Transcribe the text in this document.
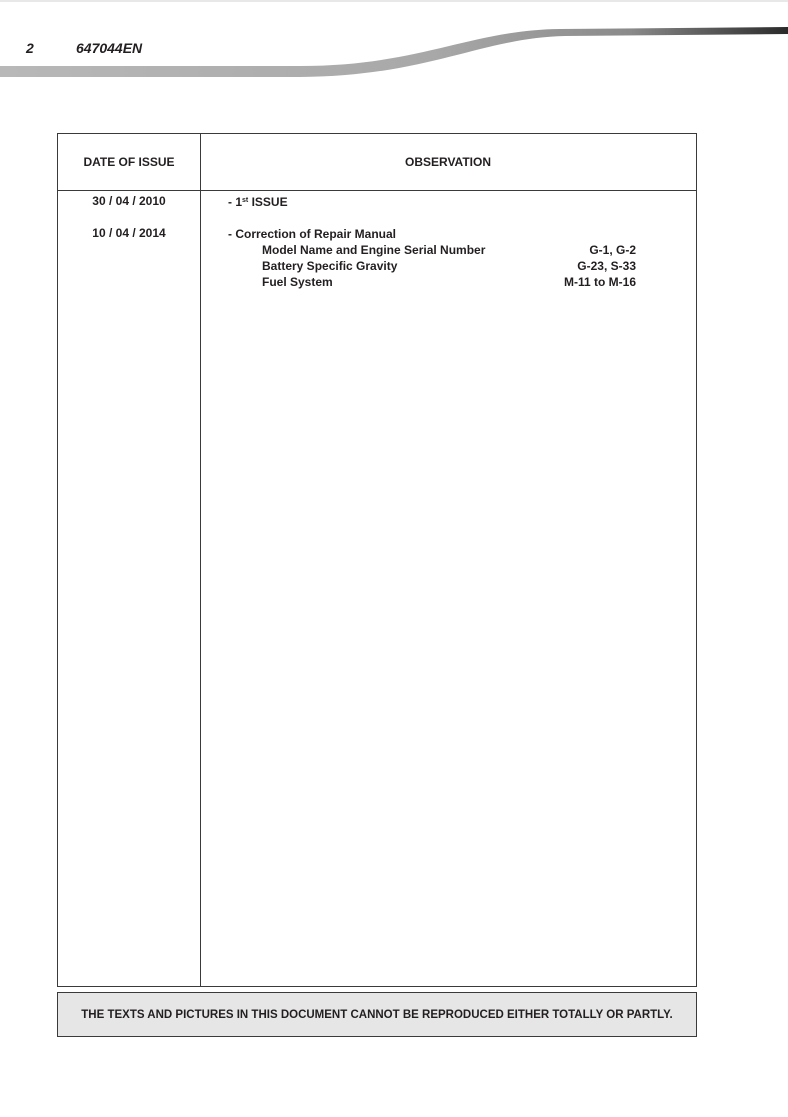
2	647044EN
DATE OF ISSUE	OBSERVATION
30 / 04 / 2010	- 1st ISSUE
10 / 04 / 2014	- Correction of Repair Manual
Model Name and Engine Serial Number	G-1, G-2
Battery Specific Gravity	G-23, S-33
Fuel System	M-11 to M-16
THE TEXTS AND PICTURES IN THIS DOCUMENT CANNOT BE REPRODUCED EITHER TOTALLY OR PARTLY.
